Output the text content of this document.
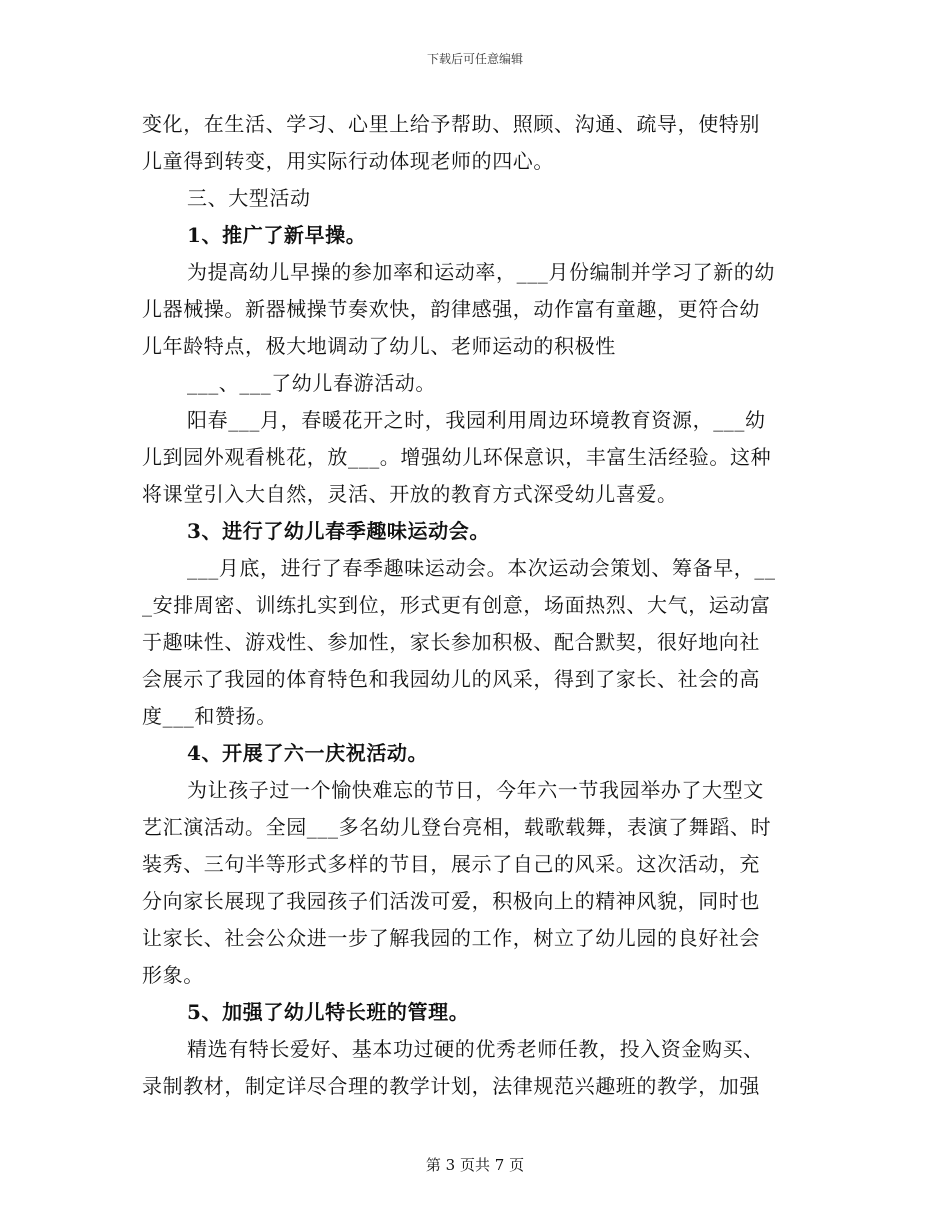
下载后可任意编辑
变化，在生活、学习、心里上给予帮助、照顾、沟通、疏导，使特别
儿童得到转变，用实际行动体现老师的四心。
三、大型活动
1、推广了新早操。
为提高幼儿早操的参加率和运动率，___月份编制并学习了新的幼
儿器械操。新器械操节奏欢快，韵律感强，动作富有童趣，更符合幼
儿年龄特点，极大地调动了幼儿、老师运动的积极性
___、___了幼儿春游活动。
阳春___月，春暖花开之时，我园利用周边环境教育资源，___幼
儿到园外观看桃花，放___。增强幼儿环保意识，丰富生活经验。这种
将课堂引入大自然，灵活、开放的教育方式深受幼儿喜爱。
3、进行了幼儿春季趣味运动会。
___月底，进行了春季趣味运动会。本次运动会策划、筹备早，__
_安排周密、训练扎实到位，形式更有创意，场面热烈、大气，运动富
于趣味性、游戏性、参加性，家长参加积极、配合默契，很好地向社
会展示了我园的体育特色和我园幼儿的风采，得到了家长、社会的高
度___和赞扬。
4、开展了六一庆祝活动。
为让孩子过一个愉快难忘的节日，今年六一节我园举办了大型文
艺汇演活动。全园___多名幼儿登台亮相，载歌载舞，表演了舞蹈、时
装秀、三句半等形式多样的节目，展示了自己的风采。这次活动，充
分向家长展现了我园孩子们活泼可爱，积极向上的精神风貌，同时也
让家长、社会公众进一步了解我园的工作，树立了幼儿园的良好社会
形象。
5、加强了幼儿特长班的管理。
精选有特长爱好、基本功过硬的优秀老师任教，投入资金购买、
录制教材，制定详尽合理的教学计划，法律规范兴趣班的教学，加强
第 3 页共 7 页
